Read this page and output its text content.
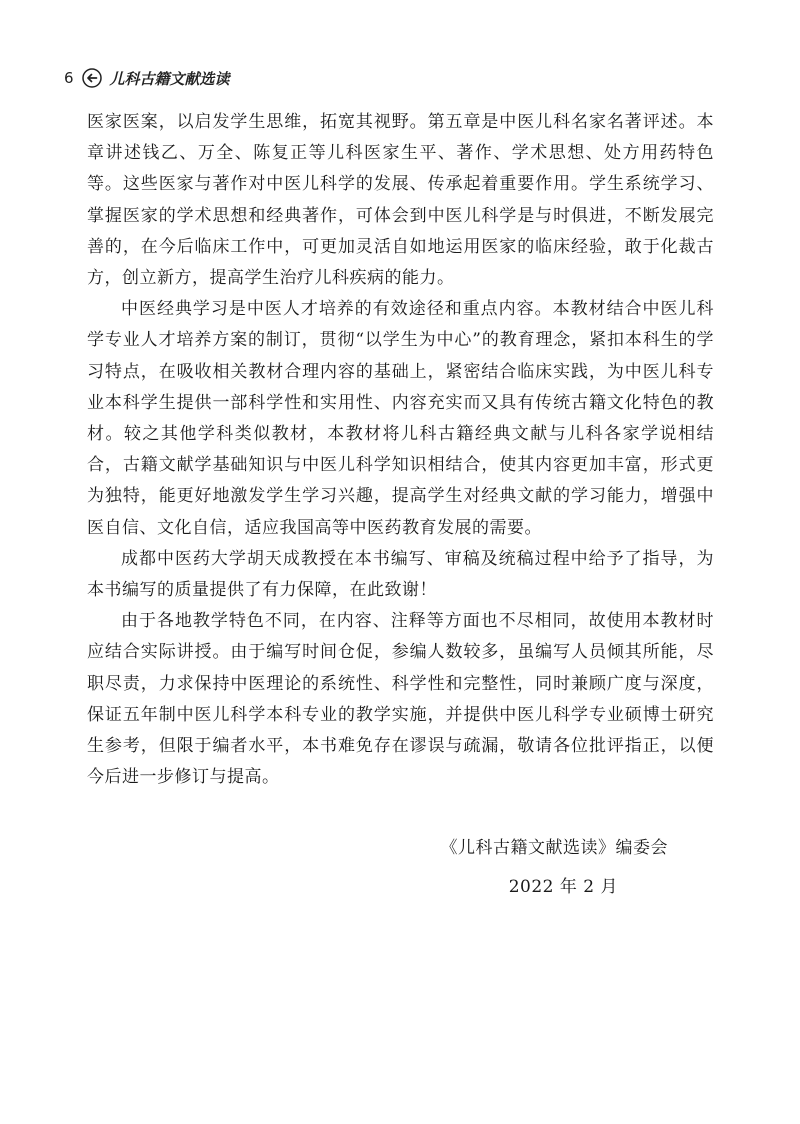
6 儿科古籍文献选读

医家医案，以启发学生思维，拓宽其视野。第五章是中医儿科名家名著评述。本章讲述钱乙、万全、陈复正等儿科医家生平、著作、学术思想、处方用药特色等。这些医家与著作对中医儿科学的发展、传承起着重要作用。学生系统学习、掌握医家的学术思想和经典著作，可体会到中医儿科学是与时俱进，不断发展完善的，在今后临床工作中，可更加灵活自如地运用医家的临床经验，敢于化裁古方，创立新方，提高学生治疗儿科疾病的能力。

中医经典学习是中医人才培养的有效途径和重点内容。本教材结合中医儿科学专业人才培养方案的制订，贯彻“以学生为中心”的教育理念，紧扣本科生的学习特点，在吸收相关教材合理内容的基础上，紧密结合临床实践，为中医儿科专业本科学生提供一部科学性和实用性、内容充实而又具有传统古籍文化特色的教材。较之其他学科类似教材，本教材将儿科古籍经典文献与儿科各家学说相结合，古籍文献学基础知识与中医儿科学知识相结合，使其内容更加丰富，形式更为独特，能更好地激发学生学习兴趣，提高学生对经典文献的学习能力，增强中医自信、文化自信，适应我国高等中医药教育发展的需要。

成都中医药大学胡天成教授在本书编写、审稿及统稿过程中给予了指导，为本书编写的质量提供了有力保障，在此致谢！

由于各地教学特色不同，在内容、注释等方面也不尽相同，故使用本教材时应结合实际讲授。由于编写时间仓促，参编人数较多，虽编写人员倾其所能，尽职尽责，力求保持中医理论的系统性、科学性和完整性，同时兼顾广度与深度，保证五年制中医儿科学本科专业的教学实施，并提供中医儿科学专业硕博士研究生参考，但限于编者水平，本书难免存在谬误与疏漏，敬请各位批评指正，以便今后进一步修订与提高。

《儿科古籍文献选读》编委会
2022 年 2 月
